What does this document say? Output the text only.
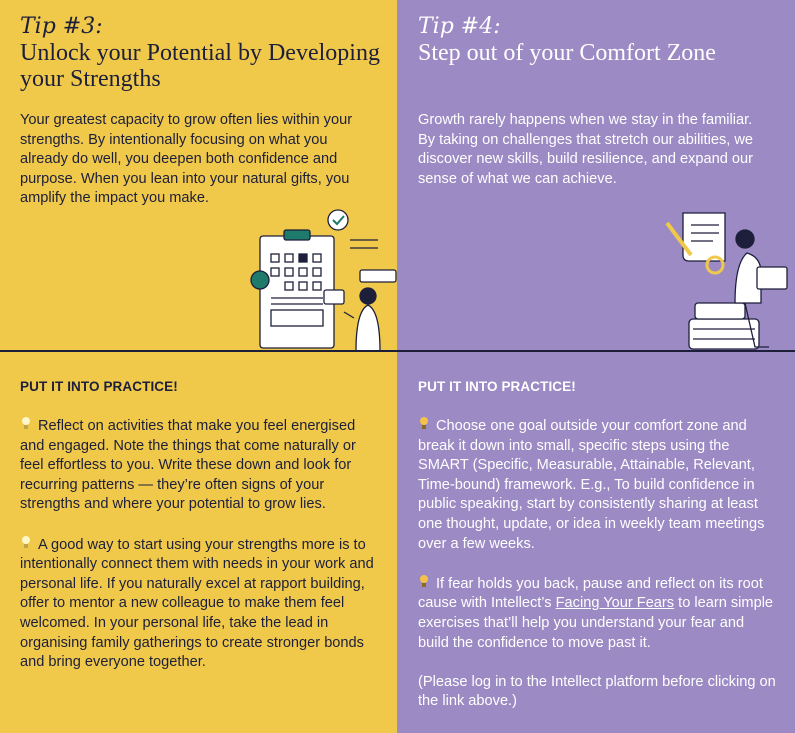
Tip #3:
Unlock your Potential by Developing your Strengths

Your greatest capacity to grow often lies within your strengths. By intentionally focusing on what you already do well, you deepen both confidence and purpose. When you lean into your natural gifts, you amplify the impact you make.

Tip #4:
Step out of your Comfort Zone

Growth rarely happens when we stay in the familiar. By taking on challenges that stretch our abilities, we discover new skills, build resilience, and expand our sense of what we can achieve.

PUT IT INTO PRACTICE!

Reflect on activities that make you feel energised and engaged. Note the things that come naturally or feel effortless to you. Write these down and look for recurring patterns — they’re often signs of your strengths and where your potential to grow lies.

A good way to start using your strengths more is to intentionally connect them with needs in your work and personal life. If you naturally excel at rapport building, offer to mentor a new colleague to make them feel welcomed. In your personal life, take the lead in organising family gatherings to create stronger bonds and bring everyone together.

PUT IT INTO PRACTICE!

Choose one goal outside your comfort zone and break it down into small, specific steps using the SMART (Specific, Measurable, Attainable, Relevant, Time-bound) framework. E.g., To build confidence in public speaking, start by consistently sharing at least one thought, update, or idea in weekly team meetings over a few weeks.

If fear holds you back, pause and reflect on its root cause with Intellect’s Facing Your Fears to learn simple exercises that’ll help you understand your fear and build the confidence to move past it.

(Please log in to the Intellect platform before clicking on the link above.)
